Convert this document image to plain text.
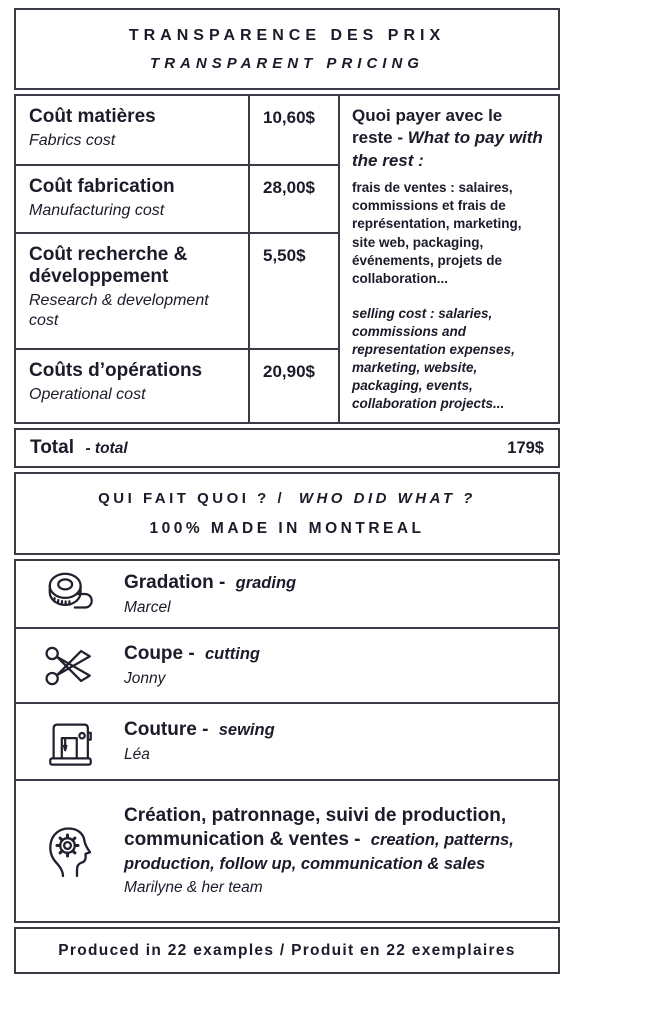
TRANSPARENCE DES PRIX
TRANSPARENT PRICING
Coût matières
Fabrics cost
10,60$
Coût fabrication
Manufacturing cost
28,00$
Coût recherche & développement
Research & development cost
5,50$
Coûts d’opérations
Operational cost
20,90$
Quoi payer avec le reste - What to pay with the rest :
frais de ventes : salaires, commissions et frais de représentation, marketing, site web, packaging, événements, projets de collaboration...
selling cost : salaries, commissions and representation expenses, marketing, website, packaging, events, collaboration projects...
Total - total	179$
QUI FAIT QUOI ? / WHO DID WHAT ?
100% MADE IN MONTREAL
Gradation - grading
Marcel
Coupe - cutting
Jonny
Couture - sewing
Léa
Création, patronnage, suivi de production, communication & ventes - creation, patterns, production, follow up, communication & sales
Marilyne & her team
Produced in 22 examples / Produit en 22 exemplaires
